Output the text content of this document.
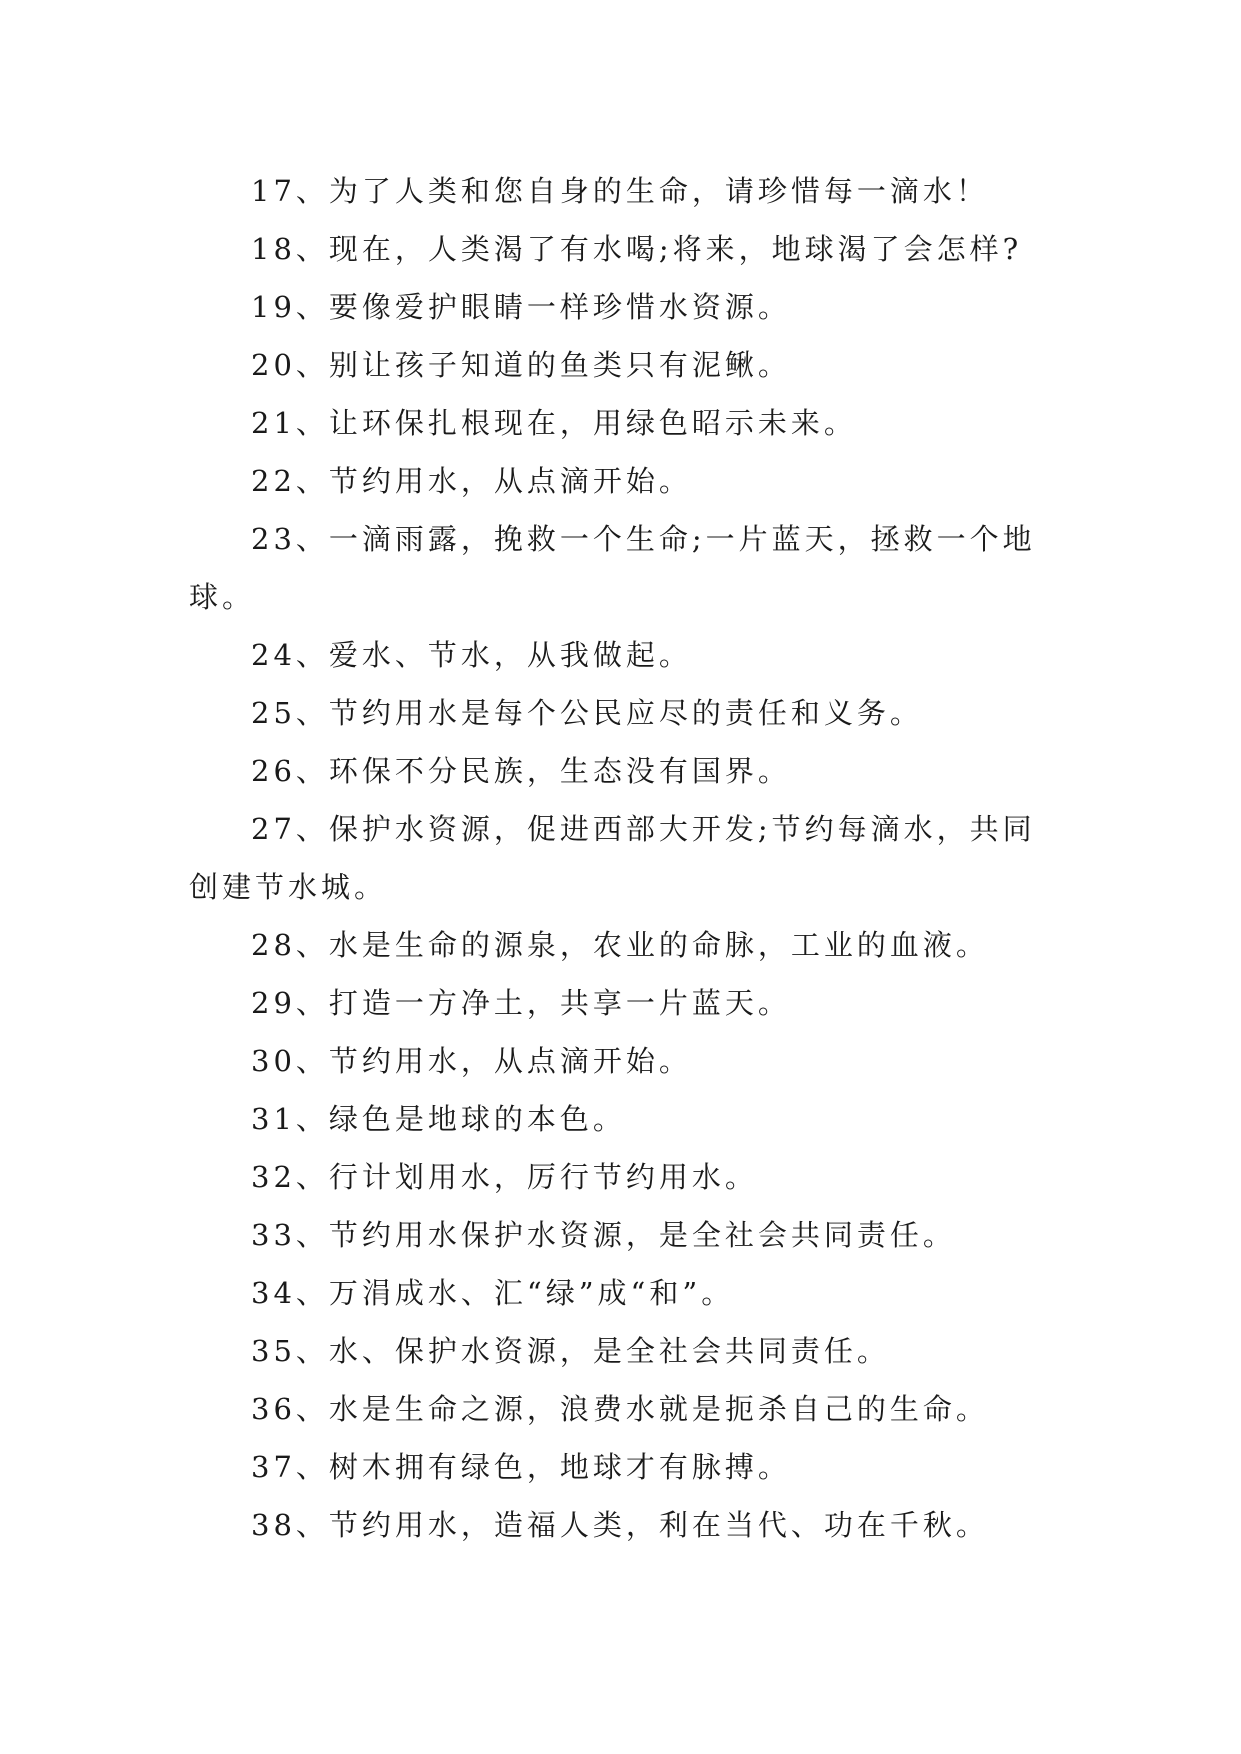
17、为了人类和您自身的生命，请珍惜每一滴水！
18、现在，人类渴了有水喝;将来，地球渴了会怎样?
19、要像爱护眼睛一样珍惜水资源。
20、别让孩子知道的鱼类只有泥鳅。
21、让环保扎根现在，用绿色昭示未来。
22、节约用水，从点滴开始。
23、一滴雨露，挽救一个生命;一片蓝天，拯救一个地
球。
24、爱水、节水，从我做起。
25、节约用水是每个公民应尽的责任和义务。
26、环保不分民族，生态没有国界。
27、保护水资源，促进西部大开发;节约每滴水，共同
创建节水城。
28、水是生命的源泉，农业的命脉，工业的血液。
29、打造一方净土，共享一片蓝天。
30、节约用水，从点滴开始。
31、绿色是地球的本色。
32、行计划用水，厉行节约用水。
33、节约用水保护水资源，是全社会共同责任。
34、万涓成水、汇“绿”成“和”。
35、水、保护水资源，是全社会共同责任。
36、水是生命之源，浪费水就是扼杀自己的生命。
37、树木拥有绿色，地球才有脉搏。
38、节约用水，造福人类，利在当代、功在千秋。
